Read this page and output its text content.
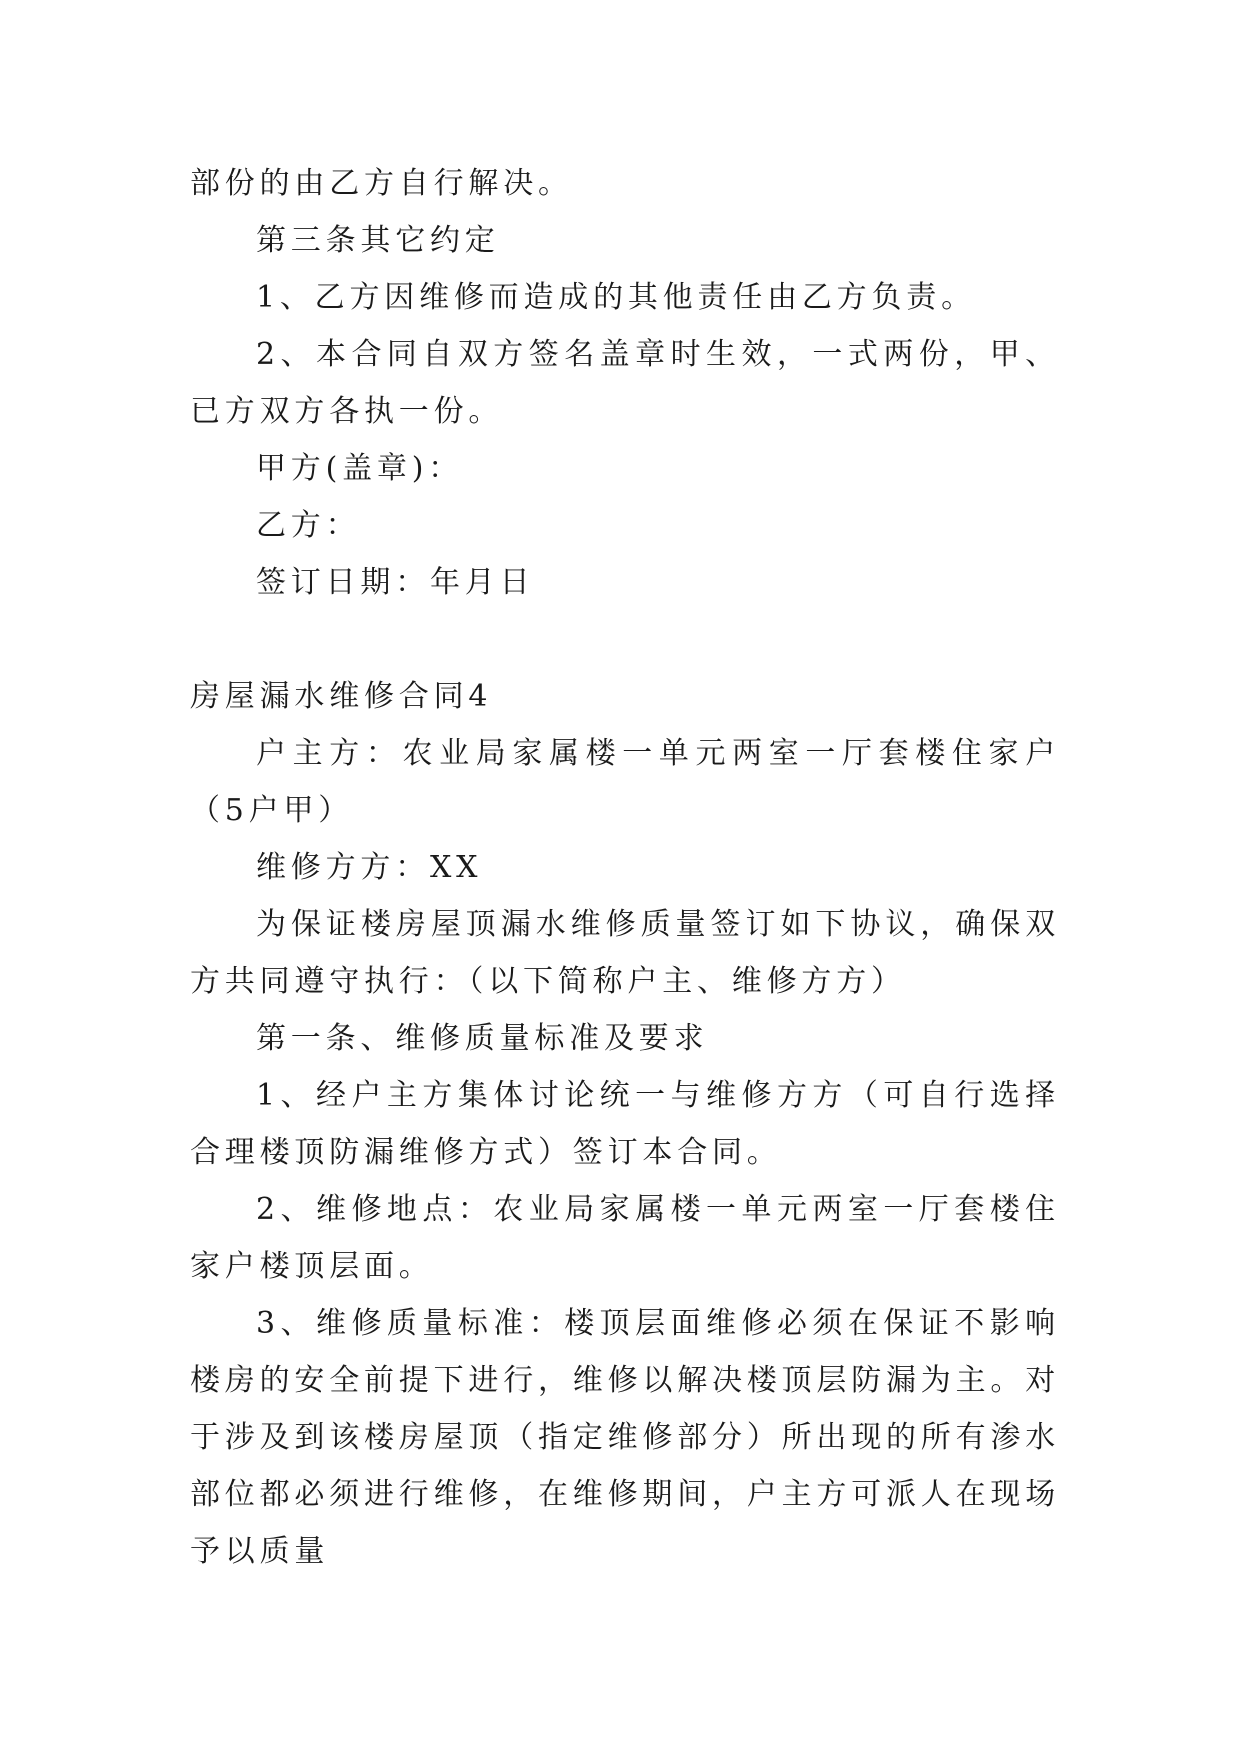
部份的由乙方自行解决。

第三条其它约定

1、乙方因维修而造成的其他责任由乙方负责。

2、本合同自双方签名盖章时生效，一式两份，甲、已方双方各执一份。

甲方(盖章)：

乙方：

签订日期：年月日

房屋漏水维修合同4

户主方：农业局家属楼一单元两室一厅套楼住家户（5户甲）

维修方方：XX

为保证楼房屋顶漏水维修质量签订如下协议，确保双方共同遵守执行：（以下简称户主、维修方方）

第一条、维修质量标准及要求

1、经户主方集体讨论统一与维修方方（可自行选择合理楼顶防漏维修方式）签订本合同。

2、维修地点：农业局家属楼一单元两室一厅套楼住家户楼顶层面。

3、维修质量标准：楼顶层面维修必须在保证不影响楼房的安全前提下进行，维修以解决楼顶层防漏为主。对于涉及到该楼房屋顶（指定维修部分）所出现的所有渗水部位都必须进行维修，在维修期间，户主方可派人在现场予以质量
